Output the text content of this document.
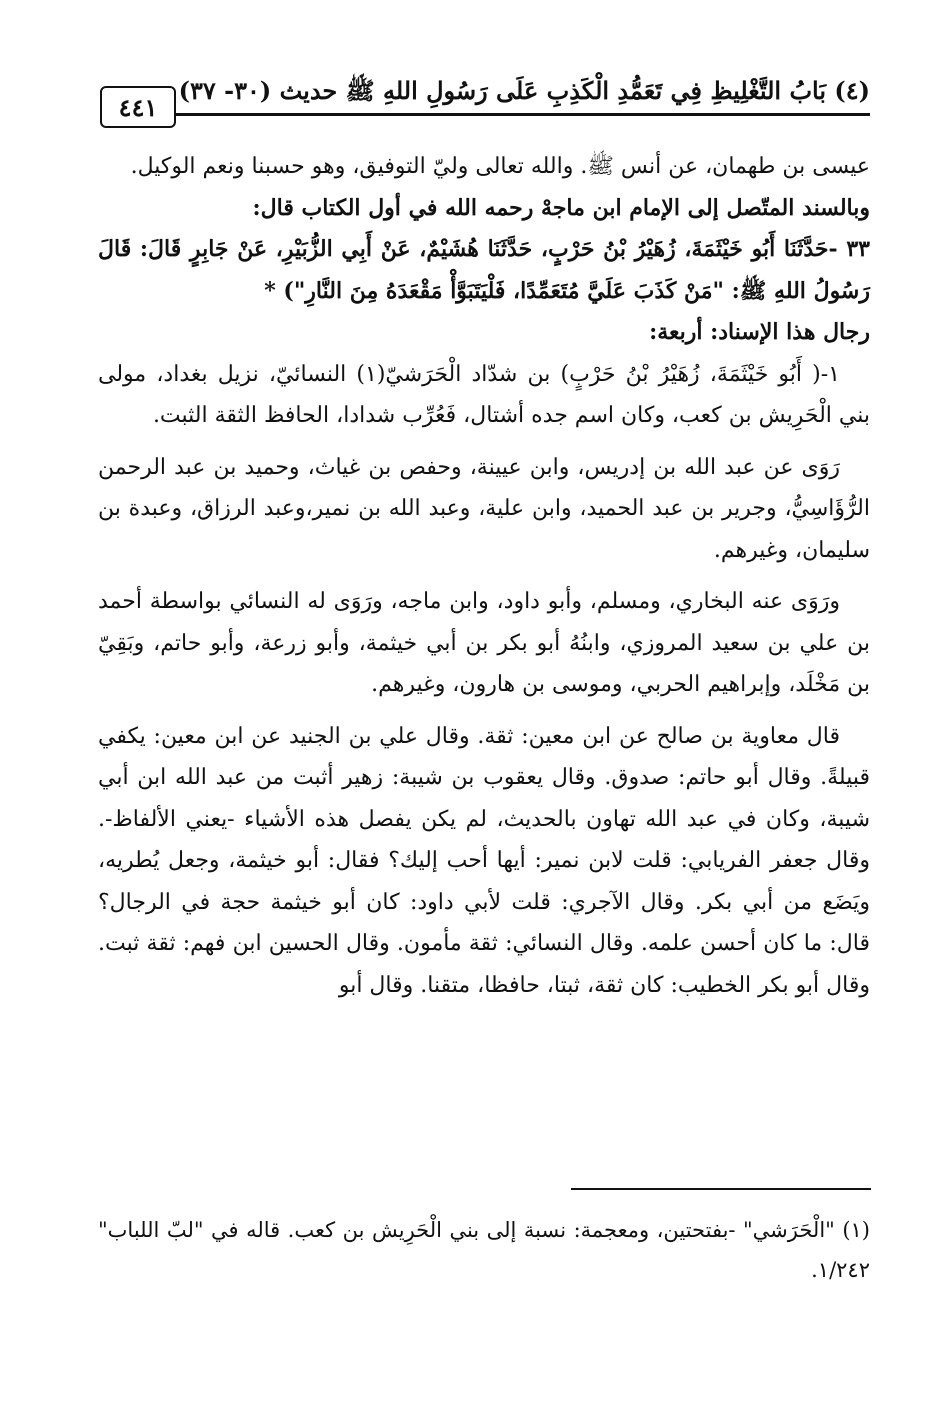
(٤) بَابُ التَّغْلِيظِ فِي تَعَمُّدِ الْكَذِبِ عَلَى رَسُولِ اللهِ ﷺ حديث (٣٠- ٣٧)
٤٤١

عيسى بن طهمان، عن أنس ﷺ. والله تعالى وليّ التوفيق، وهو حسبنا ونعم الوكيل.

وبالسند المتّصل إلى الإمام ابن ماجهْ رحمه الله في أول الكتاب قال:

٣٣ -حَدَّثَنَا أَبُو خَيْثَمَةَ، زُهَيْرُ بْنُ حَرْبٍ، حَدَّثَنَا هُشَيْمٌ، عَنْ أَبِي الزُّبَيْرِ، عَنْ جَابِرٍ قَالَ: قَالَ رَسُولُ اللهِ ﷺ: "مَنْ كَذَبَ عَلَيَّ مُتَعَمِّدًا، فَلْيَتَبَوَّأْ مَقْعَدَهُ مِنَ النَّارِ") *

رجال هذا الإسناد: أربعة:

١-( أَبُو خَيْثَمَةَ، زُهَيْرُ بْنُ حَرْبٍ) بن شدّاد الْحَرَشيّ(١) النسائيّ، نزيل بغداد، مولى بني الْحَرِيش بن كعب، وكان اسم جده أشتال، فَعُرِّب شدادا، الحافظ الثقة الثبت.

رَوَى عن عبد الله بن إدريس، وابن عيينة، وحفص بن غياث، وحميد بن عبد الرحمن الرُّؤَاسِيُّ، وجرير بن عبد الحميد، وابن علية، وعبد الله بن نمير،وعبد الرزاق، وعبدة بن سليمان، وغيرهم.

ورَوَى عنه البخاري، ومسلم، وأبو داود، وابن ماجه، ورَوَى له النسائي بواسطة أحمد بن علي بن سعيد المروزي، وابنُهُ أبو بكر بن أبي خيثمة، وأبو زرعة، وأبو حاتم، وبَقِيّ بن مَخْلَد، وإبراهيم الحربي، وموسى بن هارون، وغيرهم.

قال معاوية بن صالح عن ابن معين: ثقة. وقال علي بن الجنيد عن ابن معين: يكفي قبيلةً. وقال أبو حاتم: صدوق. وقال يعقوب بن شيبة: زهير أثبت من عبد الله ابن أبي شيبة، وكان في عبد الله تهاون بالحديث، لم يكن يفصل هذه الأشياء -يعني الألفاظ-. وقال جعفر الفريابي: قلت لابن نمير: أيها أحب إليك؟ فقال: أبو خيثمة، وجعل يُطريه، ويَضَع من أبي بكر. وقال الآجري: قلت لأبي داود: كان أبو خيثمة حجة في الرجال؟ قال: ما كان أحسن علمه. وقال النسائي: ثقة مأمون. وقال الحسين ابن فهم: ثقة ثبت. وقال أبو بكر الخطيب: كان ثقة، ثبتا، حافظا، متقنا. وقال أبو

(١) "الْحَرَشي" -بفتحتين، ومعجمة: نسبة إلى بني الْحَرِيش بن كعب. قاله في "لبّ اللباب" ١/٢٤٢.
